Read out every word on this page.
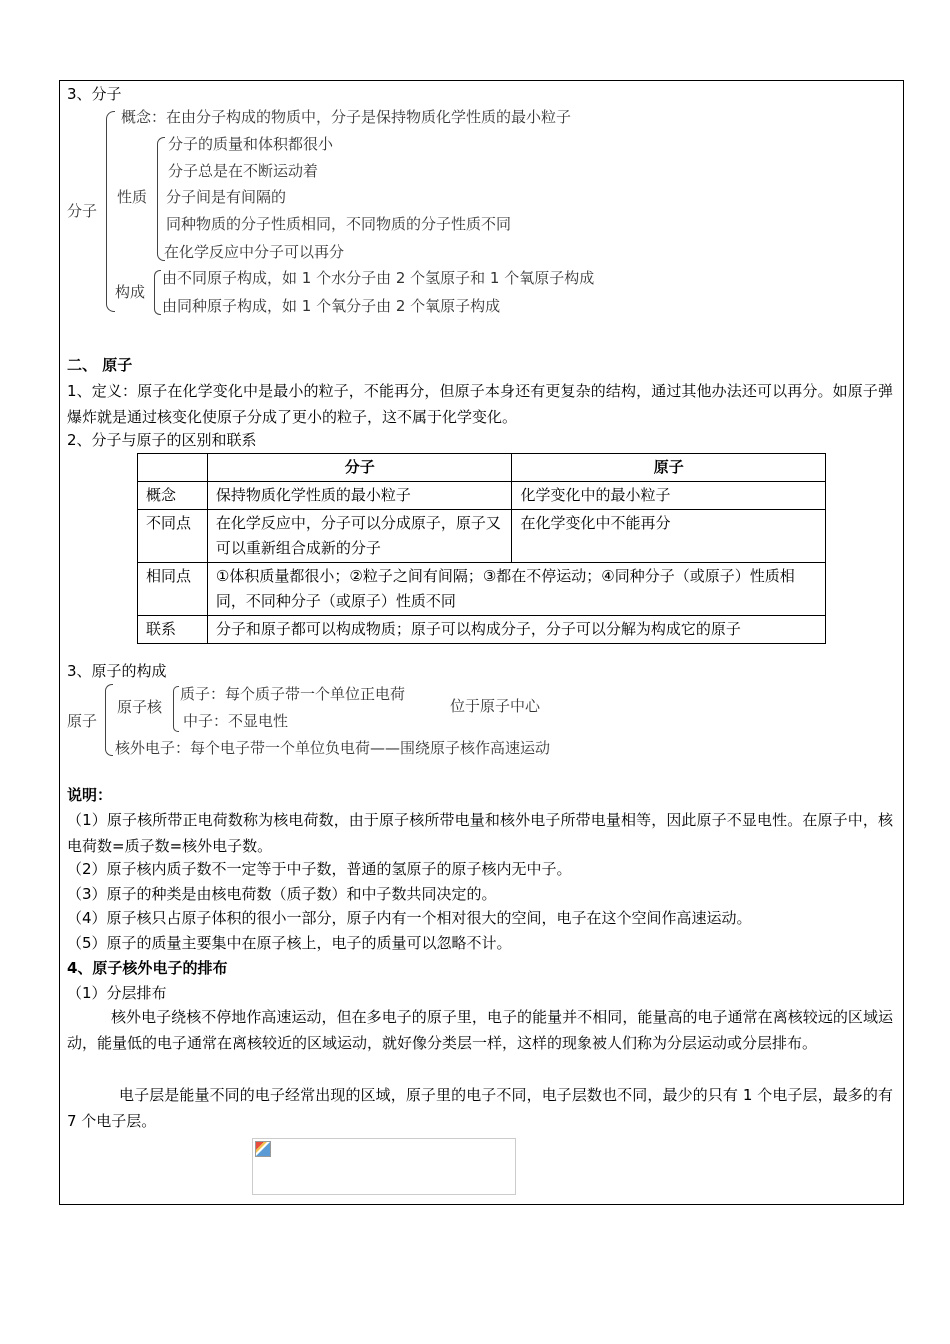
3、分子
分子
概念：在由分子构成的物质中，分子是保持物质化学性质的最小粒子
性质
分子的质量和体积都很小
分子总是在不断运动着
分子间是有间隔的
同种物质的分子性质相同，不同物质的分子性质不同
在化学反应中分子可以再分
构成
由不同原子构成，如 1 个水分子由 2 个氢原子和 1 个氧原子构成
由同种原子构成，如 1 个氧分子由 2 个氧原子构成
二、 原子
1、定义：原子在化学变化中是最小的粒子，不能再分，但原子本身还有更复杂的结构，通过其他办法还可以再分。如原子弹爆炸就是通过核变化使原子分成了更小的粒子，这不属于化学变化。
2、分子与原子的区别和联系
	分子	原子
概念	保持物质化学性质的最小粒子	化学变化中的最小粒子
不同点	在化学反应中，分子可以分成原子，原子又可以重新组合成新的分子	在化学变化中不能再分
相同点	①体积质量都很小；②粒子之间有间隔；③都在不停运动；④同种分子（或原子）性质相同，不同种分子（或原子）性质不同	
联系	分子和原子都可以构成物质；原子可以构成分子，分子可以分解为构成它的原子	
3、原子的构成
原子
原子核
质子：每个质子带一个单位正电荷
中子：不显电性
位于原子中心
核外电子：每个电子带一个单位负电荷——围绕原子核作高速运动
说明：
（1）原子核所带正电荷数称为核电荷数，由于原子核所带电量和核外电子所带电量相等，因此原子不显电性。在原子中，核电荷数=质子数=核外电子数。
（2）原子核内质子数不一定等于中子数，普通的氢原子的原子核内无中子。
（3）原子的种类是由核电荷数（质子数）和中子数共同决定的。
（4）原子核只占原子体积的很小一部分，原子内有一个相对很大的空间，电子在这个空间作高速运动。
（5）原子的质量主要集中在原子核上，电子的质量可以忽略不计。
4、原子核外电子的排布
（1）分层排布
核外电子绕核不停地作高速运动，但在多电子的原子里，电子的能量并不相同，能量高的电子通常在离核较远的区域运动，能量低的电子通常在离核较近的区域运动，就好像分类层一样，这样的现象被人们称为分层运动或分层排布。
电子层是能量不同的电子经常出现的区域，原子里的电子不同，电子层数也不同，最少的只有 1 个电子层，最多的有 7 个电子层。
